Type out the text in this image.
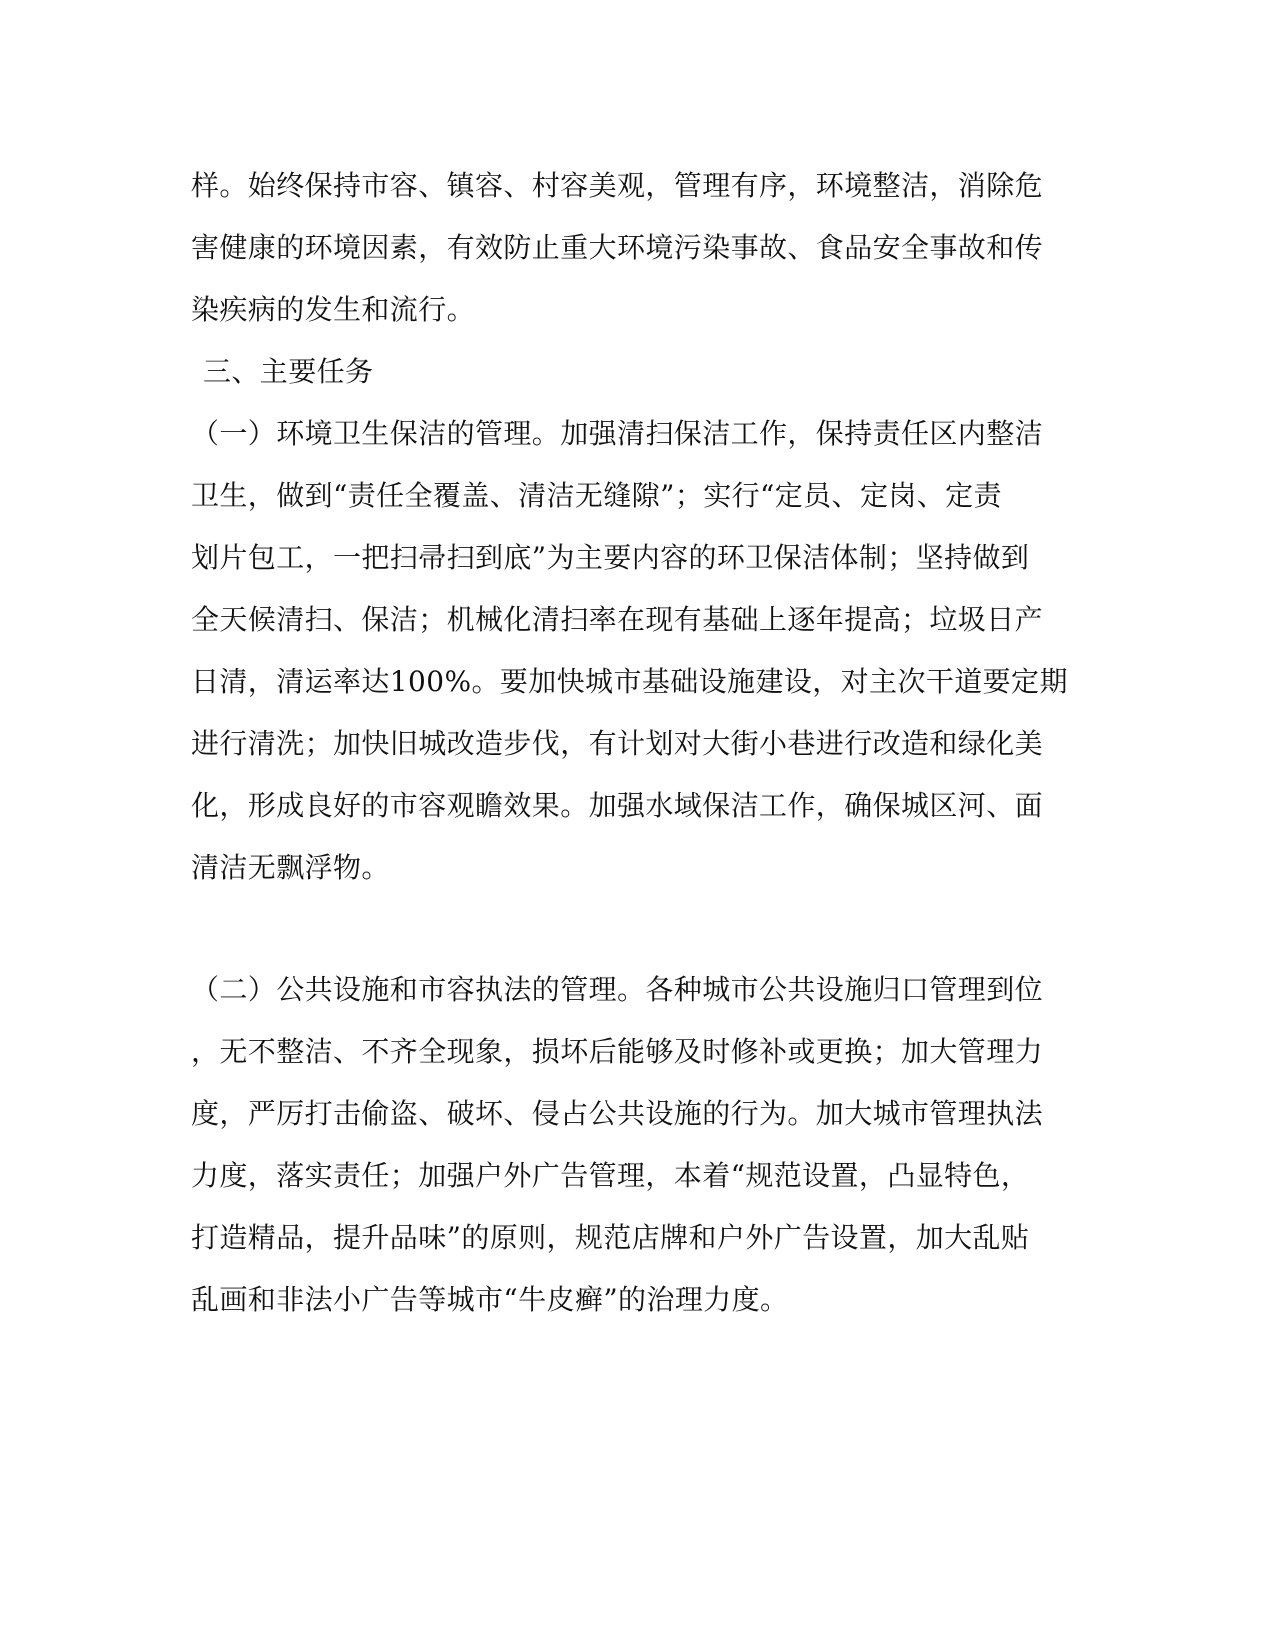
样。始终保持市容、镇容、村容美观，管理有序，环境整洁，消除危
害健康的环境因素，有效防止重大环境污染事故、食品安全事故和传
染疾病的发生和流行。
三、主要任务
（一）环境卫生保洁的管理。加强清扫保洁工作，保持责任区内整洁
卫生，做到“责任全覆盖、清洁无缝隙”；实行“定员、定岗、定责
划片包工，一把扫帚扫到底”为主要内容的环卫保洁体制；坚持做到
全天候清扫、保洁；机械化清扫率在现有基础上逐年提高；垃圾日产
日清，清运率达100%。要加快城市基础设施建设，对主次干道要定期
进行清洗；加快旧城改造步伐，有计划对大街小巷进行改造和绿化美
化，形成良好的市容观瞻效果。加强水域保洁工作，确保城区河、面
清洁无飘浮物。
（二）公共设施和市容执法的管理。各种城市公共设施归口管理到位
，无不整洁、不齐全现象，损坏后能够及时修补或更换；加大管理力
度，严厉打击偷盗、破坏、侵占公共设施的行为。加大城市管理执法
力度，落实责任；加强户外广告管理，本着“规范设置，凸显特色，
打造精品，提升品味”的原则，规范店牌和户外广告设置，加大乱贴
乱画和非法小广告等城市“牛皮癣”的治理力度。
